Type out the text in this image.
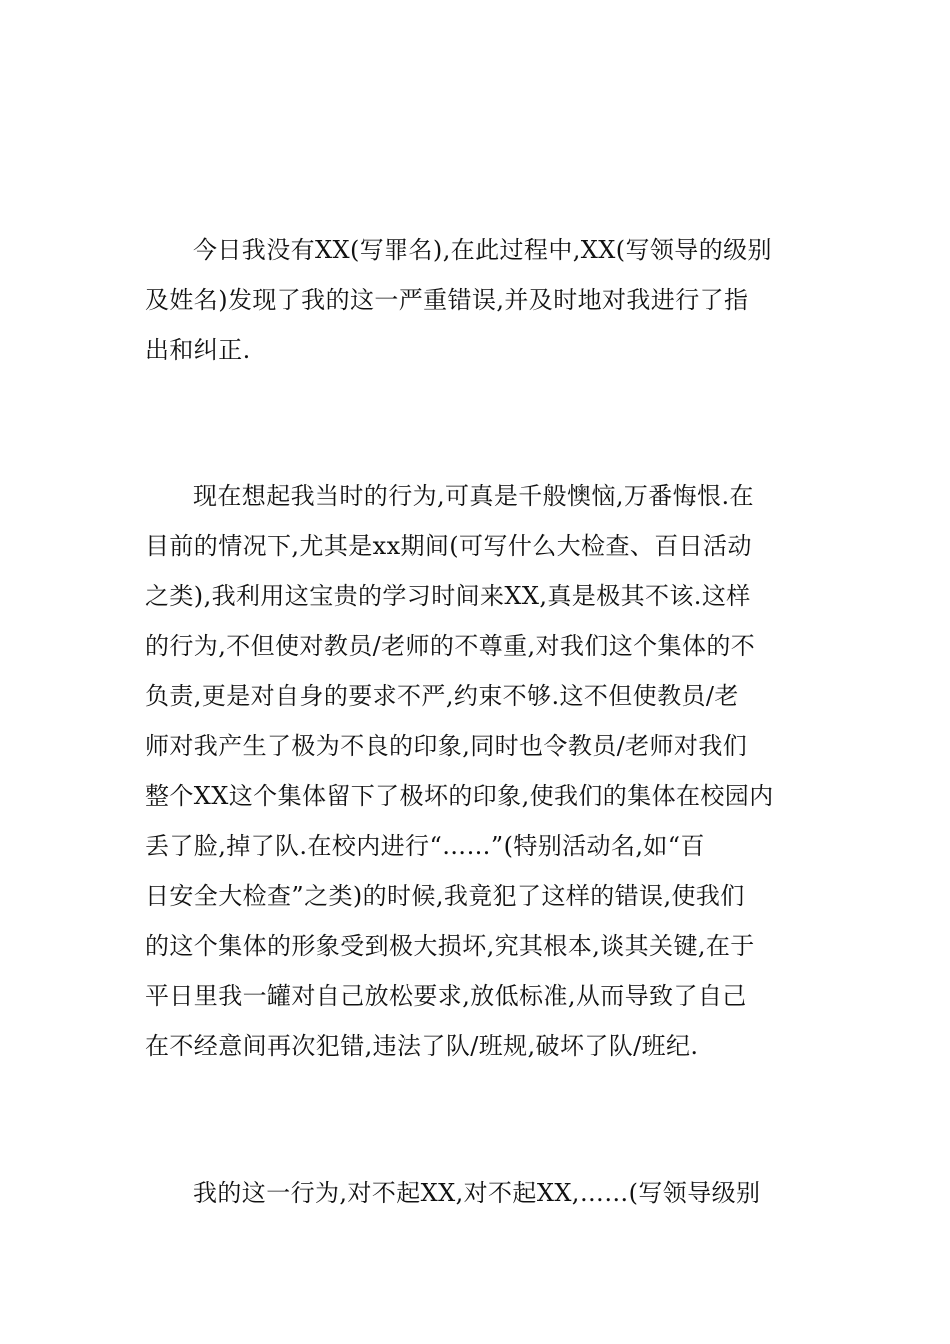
今日我没有XX(写罪名),在此过程中,XX(写领导的级别
及姓名)发现了我的这一严重错误,并及时地对我进行了指
出和纠正.
现在想起我当时的行为,可真是千般懊恼,万番悔恨.在
目前的情况下,尤其是xx期间(可写什么大检查、百日活动
之类),我利用这宝贵的学习时间来XX,真是极其不该.这样
的行为,不但使对教员/老师的不尊重,对我们这个集体的不
负责,更是对自身的要求不严,约束不够.这不但使教员/老
师对我产生了极为不良的印象,同时也令教员/老师对我们
整个XX这个集体留下了极坏的印象,使我们的集体在校园内
丢了脸,掉了队.在校内进行“……”(特别活动名,如“百
日安全大检查”之类)的时候,我竟犯了这样的错误,使我们
的这个集体的形象受到极大损坏,究其根本,谈其关键,在于
平日里我一罐对自己放松要求,放低标准,从而导致了自己
在不经意间再次犯错,违法了队/班规,破坏了队/班纪.
我的这一行为,对不起XX,对不起XX,……(写领导级别
